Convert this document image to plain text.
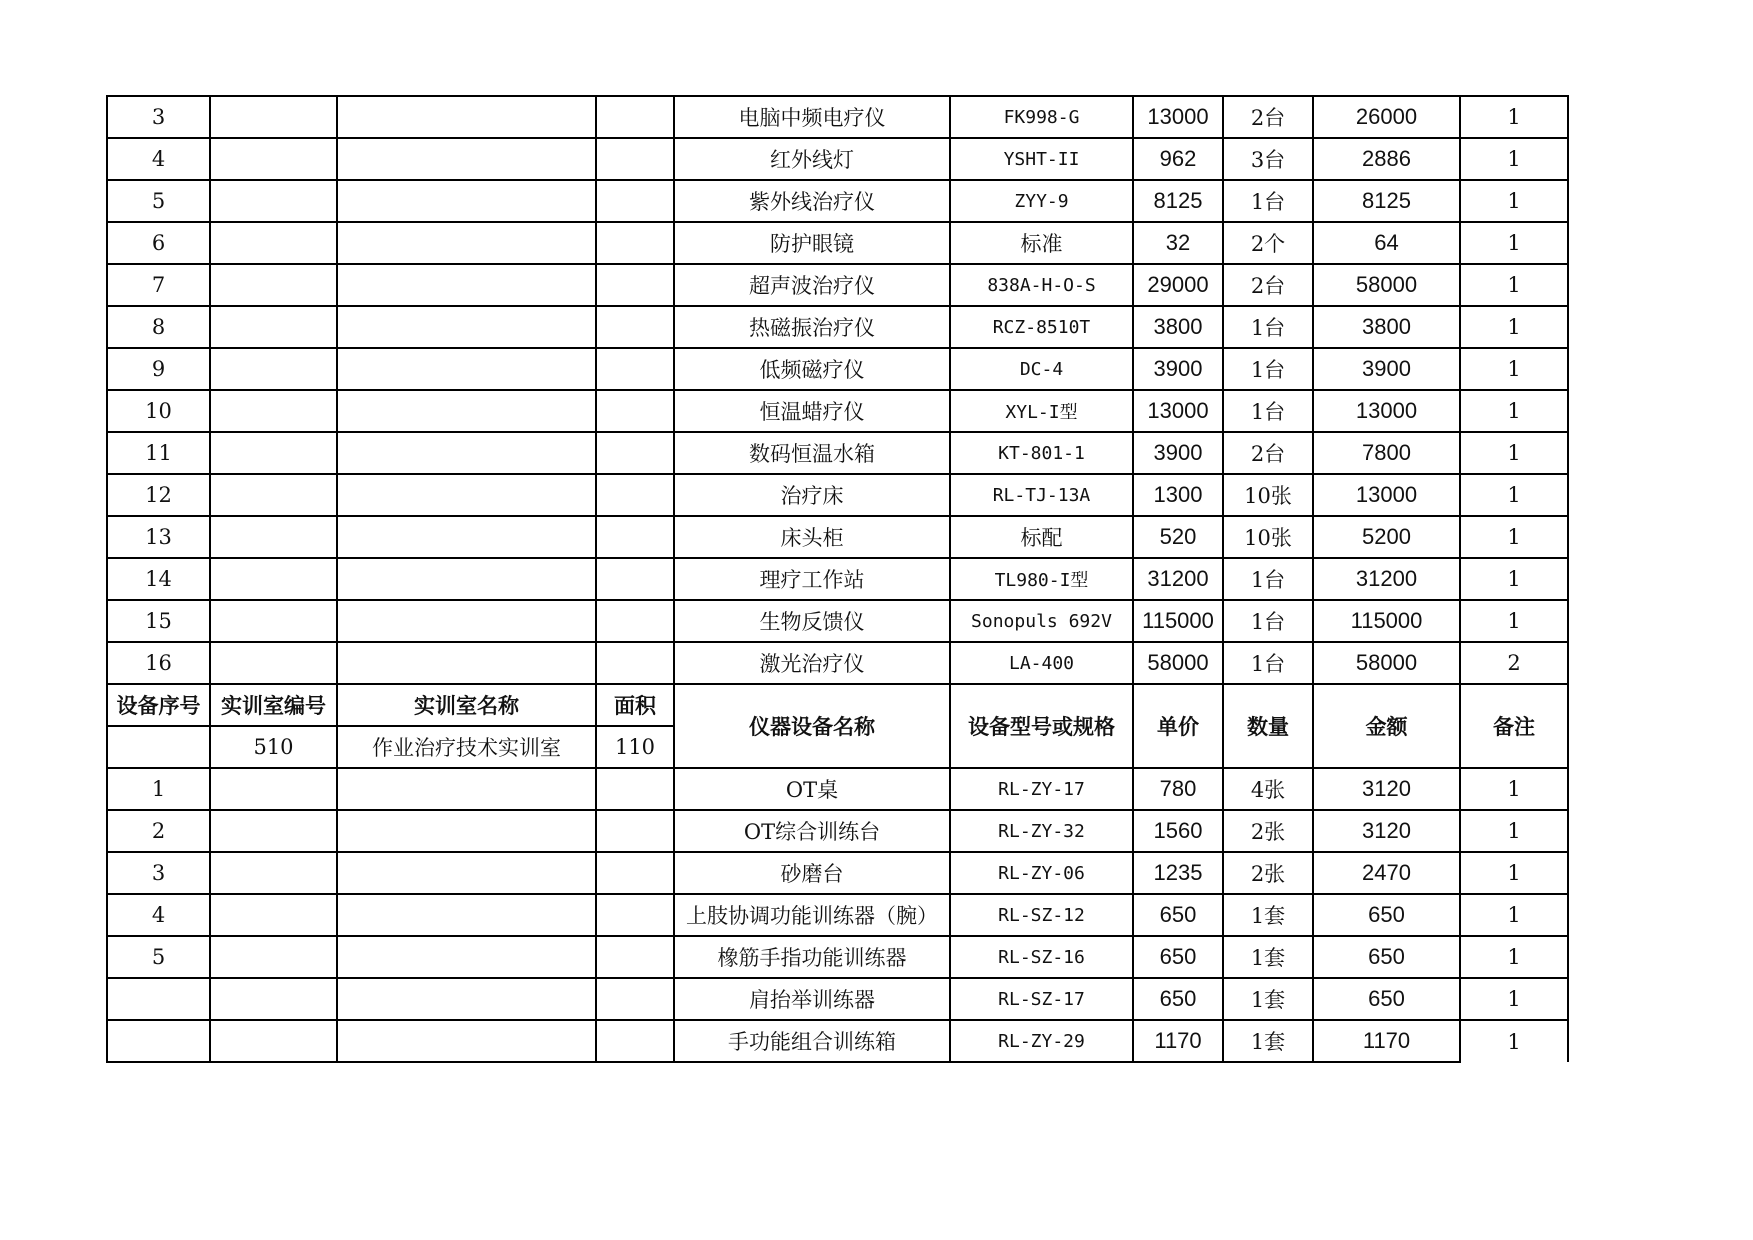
3				电脑中频电疗仪	FK998-G	13000	2台	26000	1
4				红外线灯	YSHT-II	962	3台	2886	1
5				紫外线治疗仪	ZYY-9	8125	1台	8125	1
6				防护眼镜	标准	32	2个	64	1
7				超声波治疗仪	838A-H-O-S	29000	2台	58000	1
8				热磁振治疗仪	RCZ-8510T	3800	1台	3800	1
9				低频磁疗仪	DC-4	3900	1台	3900	1
10				恒温蜡疗仪	XYL-I型	13000	1台	13000	1
11				数码恒温水箱	KT-801-1	3900	2台	7800	1
12				治疗床	RL-TJ-13A	1300	10张	13000	1
13				床头柜	标配	520	10张	5200	1
14				理疗工作站	TL980-I型	31200	1台	31200	1
15				生物反馈仪	Sonopuls 692V	115000	1台	115000	1
16				激光治疗仪	LA-400	58000	1台	58000	2
设备序号	实训室编号	实训室名称	面积	仪器设备名称	设备型号或规格	单价	数量	金额	备注
	510	作业治疗技术实训室	110						
1				OT桌	RL-ZY-17	780	4张	3120	1
2				OT综合训练台	RL-ZY-32	1560	2张	3120	1
3				砂磨台	RL-ZY-06	1235	2张	2470	1
4				上肢协调功能训练器（腕）	RL-SZ-12	650	1套	650	1
5				橡筋手指功能训练器	RL-SZ-16	650	1套	650	1
				肩抬举训练器	RL-SZ-17	650	1套	650	1
				手功能组合训练箱	RL-ZY-29	1170	1套	1170	1
